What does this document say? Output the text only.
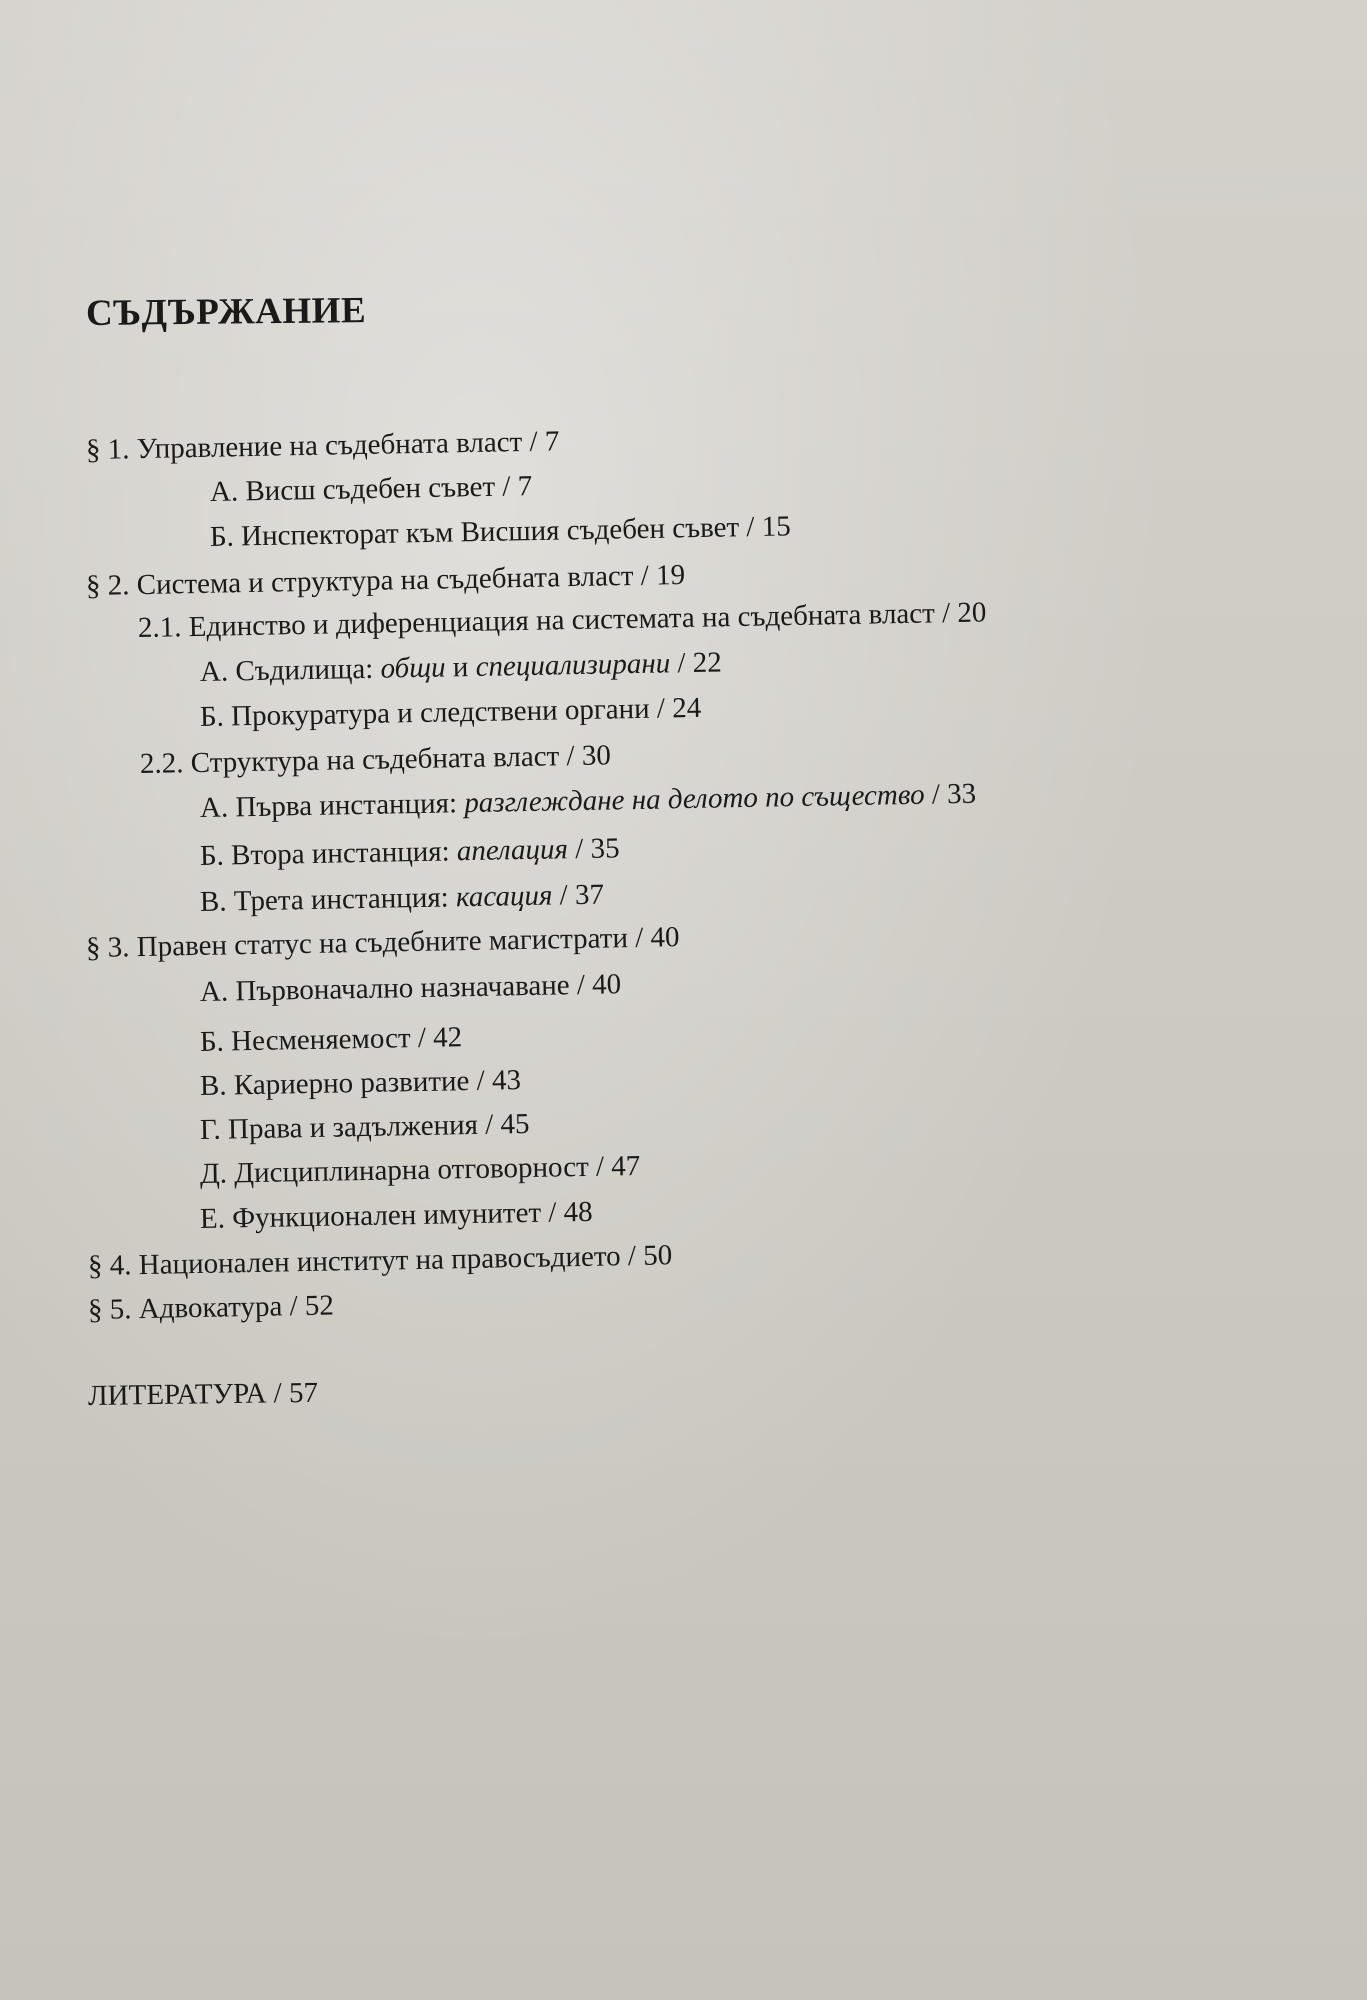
СЪДЪРЖАНИЕ
§ 1. Управление на съдебната власт / 7
А. Висш съдебен съвет / 7
Б. Инспекторат към Висшия съдебен съвет / 15
§ 2. Система и структура на съдебната власт / 19
2.1. Единство и диференциация на системата на съдебната власт / 20
А. Съдилища: общи и специализирани / 22
Б. Прокуратура и следствени органи / 24
2.2. Структура на съдебната власт / 30
А. Първа инстанция: разглеждане на делото по същество / 33
Б. Втора инстанция: апелация / 35
В. Трета инстанция: касация / 37
§ 3. Правен статус на съдебните магистрати / 40
А. Първоначално назначаване / 40
Б. Несменяемост / 42
В. Кариерно развитие / 43
Г. Права и задължения / 45
Д. Дисциплинарна отговорност / 47
Е. Функционален имунитет / 48
§ 4. Национален институт на правосъдието / 50
§ 5. Адвокатура / 52
ЛИТЕРАТУРА / 57
